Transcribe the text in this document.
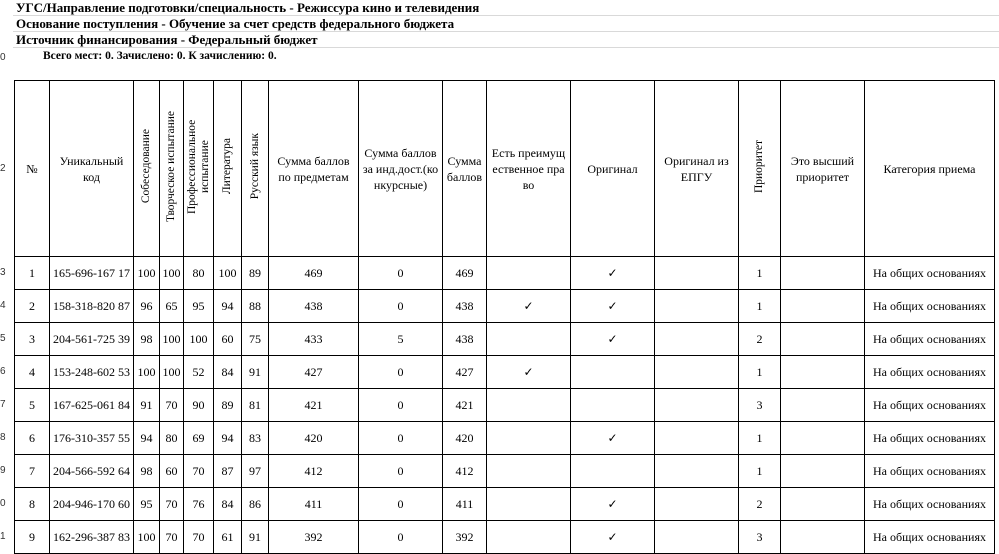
0
2
3
4
5
6
7
8
9
0
1
УГС/Направление подготовки/специальность - Режиссура кино и телевидения
Основание поступления - Обучение за счет средств федерального бюджета
Источник финансирования - Федеральный бюджет
Всего мест: 0. Зачислено: 0. К зачислению: 0.
№	Уникальный код	Собеседование	Творческое испытание	Профессиональное испытание	Литература	Русский язык	Сумма баллов по предметам	Сумма баллов за инд.дост.(конкурсные)	Сумма баллов	Есть преимущественное право	Оригинал	Оригинал из ЕПГУ	Приоритет	Это высший приоритет	Категория приема
1	165-696-167 17	100	100	80	100	89	469	0	469		✓		1		На общих основаниях
2	158-318-820 87	96	65	95	94	88	438	0	438	✓	✓		1		На общих основаниях
3	204-561-725 39	98	100	100	60	75	433	5	438		✓		2		На общих основаниях
4	153-248-602 53	100	100	52	84	91	427	0	427	✓			1		На общих основаниях
5	167-625-061 84	91	70	90	89	81	421	0	421				3		На общих основаниях
6	176-310-357 55	94	80	69	94	83	420	0	420		✓		1		На общих основаниях
7	204-566-592 64	98	60	70	87	97	412	0	412				1		На общих основаниях
8	204-946-170 60	95	70	76	84	86	411	0	411		✓		2		На общих основаниях
9	162-296-387 83	100	70	70	61	91	392	0	392		✓		3		На общих основаниях
